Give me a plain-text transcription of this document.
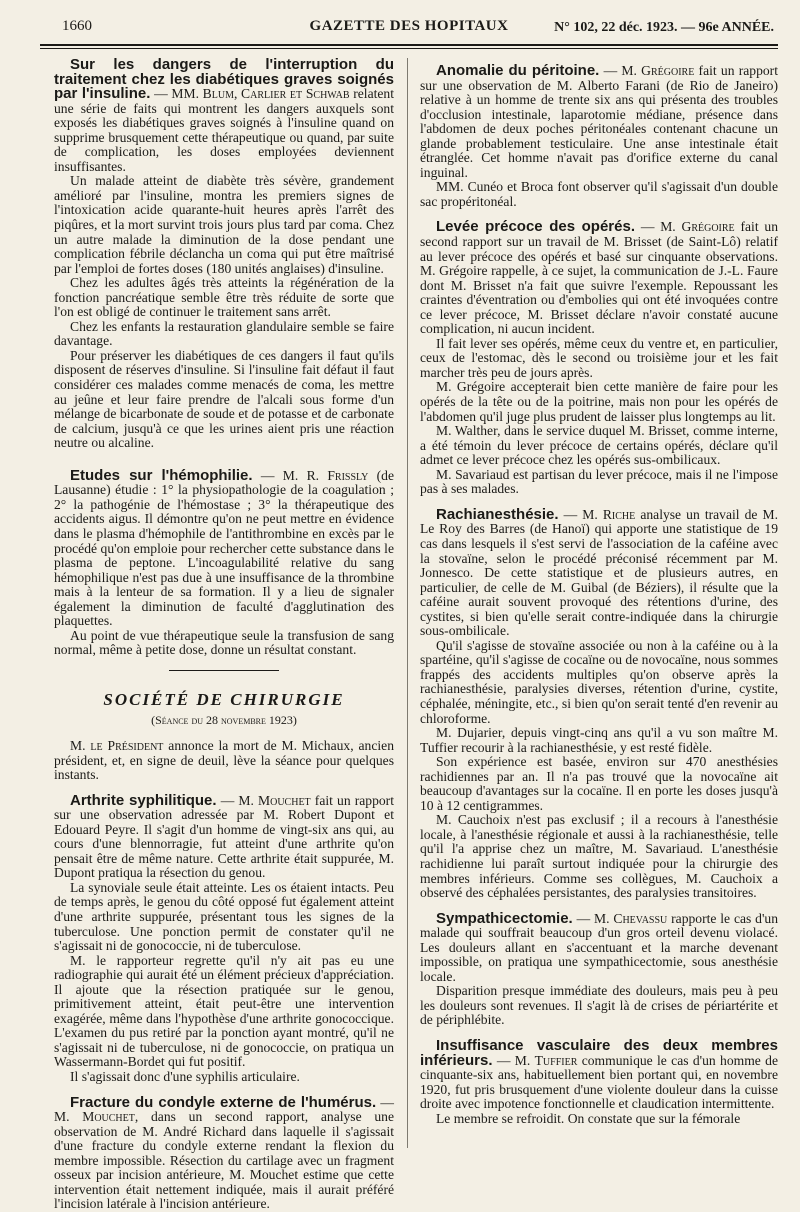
1660	GAZETTE DES HOPITAUX	N° 102, 22 déc. 1923. — 96e ANNÉE.

Sur les dangers de l'interruption du traitement chez les diabétiques graves soignés par l'insuline. — MM. Blum, Carlier et Schwab relatent une série de faits qui montrent les dangers auxquels sont exposés les diabétiques graves soignés à l'insuline quand on supprime brusquement cette thérapeutique ou quand, par suite de complication, les doses employées deviennent insuffisantes.

Un malade atteint de diabète très sévère, grandement amélioré par l'insuline, montra les premiers signes de l'intoxication acide quarante-huit heures après l'arrêt des piqûres, et la mort survint trois jours plus tard par coma. Chez un autre malade la diminution de la dose pendant une complication fébrile déclancha un coma qui put être maîtrisé par l'emploi de fortes doses (180 unités anglaises) d'insuline.

Chez les adultes âgés très atteints la régénération de la fonction pancréatique semble être très réduite de sorte que l'on est obligé de continuer le traitement sans arrêt.

Chez les enfants la restauration glandulaire semble se faire davantage.

Pour préserver les diabétiques de ces dangers il faut qu'ils disposent de réserves d'insuline. Si l'insuline fait défaut il faut considérer ces malades comme menacés de coma, les mettre au jeûne et leur faire prendre de l'alcali sous forme d'un mélange de bicarbonate de soude et de potasse et de carbonate de calcium, jusqu'à ce que les urines aient pris une réaction neutre ou alcaline.

Etudes sur l'hémophilie. — M. R. Frissly (de Lausanne) étudie : 1° la physiopathologie de la coagulation ; 2° la pathogénie de l'hémostase ; 3° la thérapeutique des accidents aigus. Il démontre qu'on ne peut mettre en évidence dans le plasma d'hémophile de l'antithrombine en excès par le procédé qu'on emploie pour rechercher cette substance dans le plasma de peptone. L'incoagulabilité relative du sang hémophilique n'est pas due à une insuffisance de la thrombine mais à la lenteur de sa formation. Il y a lieu de signaler également la diminution de faculté d'agglutination des plaquettes.

Au point de vue thérapeutique seule la transfusion de sang normal, même à petite dose, donne un résultat constant.

SOCIÉTÉ DE CHIRURGIE

(Séance du 28 novembre 1923)

M. le Président annonce la mort de M. Michaux, ancien président, et, en signe de deuil, lève la séance pour quelques instants.

Arthrite syphilitique. — M. Mouchet fait un rapport sur une observation adressée par M. Robert Dupont et Edouard Peyre. Il s'agit d'un homme de vingt-six ans qui, au cours d'une blennorragie, fut atteint d'une arthrite qu'on pensait être de même nature. Cette arthrite était suppurée, M. Dupont pratiqua la résection du genou.

La synoviale seule était atteinte. Les os étaient intacts. Peu de temps après, le genou du côté opposé fut également atteint d'une arthrite suppurée, présentant tous les signes de la tuberculose. Une ponction permit de constater qu'il ne s'agissait ni de gonococcie, ni de tuberculose.

M. le rapporteur regrette qu'il n'y ait pas eu une radiographie qui aurait été un élément précieux d'appréciation. Il ajoute que la résection pratiquée sur le genou, primitivement atteint, était peut-être une intervention exagérée, même dans l'hypothèse d'une arthrite gonococcique. L'examen du pus retiré par la ponction ayant montré, qu'il ne s'agissait ni de tuberculose, ni de gonococcie, on pratiqua un Wassermann-Bordet qui fut positif.

Il s'agissait donc d'une syphilis articulaire.

Fracture du condyle externe de l'humérus. — M. Mouchet, dans un second rapport, analyse une observation de M. André Richard dans laquelle il s'agissait d'une fracture du condyle externe rendant la flexion du membre impossible. Résection du cartilage avec un fragment osseux par incision antérieure, M. Mouchet estime que cette intervention était nettement indiquée, mais il aurait préféré l'incision latérale à l'incision antérieure.

Anomalie du péritoine. — M. Grégoire fait un rapport sur une observation de M. Alberto Farani (de Rio de Janeiro) relative à un homme de trente six ans qui présenta des troubles d'occlusion intestinale, laparotomie médiane, présence dans l'abdomen de deux poches péritonéales contenant chacune un glande probablement testiculaire. Une anse intestinale était étranglée. Cet homme n'avait pas d'orifice externe du canal inguinal.

MM. Cunéo et Broca font observer qu'il s'agissait d'un double sac propéritonéal.

Levée précoce des opérés. — M. Grégoire fait un second rapport sur un travail de M. Brisset (de Saint-Lô) relatif au lever précoce des opérés et basé sur cinquante observations. M. Grégoire rappelle, à ce sujet, la communication de J.-L. Faure dont M. Brisset n'a fait que suivre l'exemple. Repoussant les craintes d'éventration ou d'embolies qui ont été invoquées contre ce lever précoce, M. Brisset déclare n'avoir constaté aucune complication, ni aucun incident.

Il fait lever ses opérés, même ceux du ventre et, en particulier, ceux de l'estomac, dès le second ou troisième jour et les fait marcher très peu de jours après.

M. Grégoire accepterait bien cette manière de faire pour les opérés de la tête ou de la poitrine, mais non pour les opérés de l'abdomen qu'il juge plus prudent de laisser plus longtemps au lit.

M. Walther, dans le service duquel M. Brisset, comme interne, a été témoin du lever précoce de certains opérés, déclare qu'il admet ce lever précoce chez les opérés sus-ombilicaux.

M. Savariaud est partisan du lever précoce, mais il ne l'impose pas à ses malades.

Rachianesthésie. — M. Riche analyse un travail de M. Le Roy des Barres (de Hanoï) qui apporte une statistique de 19 cas dans lesquels il s'est servi de l'association de la caféine avec la stovaïne, selon le procédé préconisé récemment par M. Jonnesco. De cette statistique et de plusieurs autres, en particulier, de celle de M. Guibal (de Béziers), il résulte que la caféine aurait souvent provoqué des rétentions d'urine, des cystites, si bien qu'elle serait contre-indiquée dans la chirurgie sous-ombilicale.

Qu'il s'agisse de stovaïne associée ou non à la caféine ou à la spartéine, qu'il s'agisse de cocaïne ou de novocaïne, nous sommes frappés des accidents multiples qu'on observe après la rachianesthésie, paralysies diverses, rétention d'urine, cystite, céphalée, méningite, etc., si bien qu'on serait tenté d'en revenir au chloroforme.

M. Dujarier, depuis vingt-cinq ans qu'il a vu son maître M. Tuffier recourir à la rachianesthésie, y est resté fidèle.

Son expérience est basée, environ sur 470 anesthésies rachidiennes par an. Il n'a pas trouvé que la novocaïne ait beaucoup d'avantages sur la cocaïne. Il en porte les doses jusqu'à 10 à 12 centigrammes.

M. Cauchoix n'est pas exclusif ; il a recours à l'anesthésie locale, à l'anesthésie régionale et aussi à la rachianesthésie, telle qu'il l'a apprise chez un maître, M. Savariaud. L'anesthésie rachidienne lui paraît surtout indiquée pour la chirurgie des membres inférieurs. Comme ses collègues, M. Cauchoix a observé des céphalées persistantes, des paralysies transitoires.

Sympathicectomie. — M. Chevassu rapporte le cas d'un malade qui souffrait beaucoup d'un gros orteil devenu violacé. Les douleurs allant en s'accentuant et la marche devenant impossible, on pratiqua une sympathicectomie, sous anesthésie locale.

Disparition presque immédiate des douleurs, mais peu à peu les douleurs sont revenues. Il s'agit là de crises de périartérite et de périphlébite.

Insuffisance vasculaire des deux membres inférieurs. — M. Tuffier communique le cas d'un homme de cinquante-six ans, habituellement bien portant qui, en novembre 1920, fut pris brusquement d'une violente douleur dans la cuisse droite avec impotence fonctionnelle et claudication intermittente.

Le membre se refroidit. On constate que sur la fémorale
